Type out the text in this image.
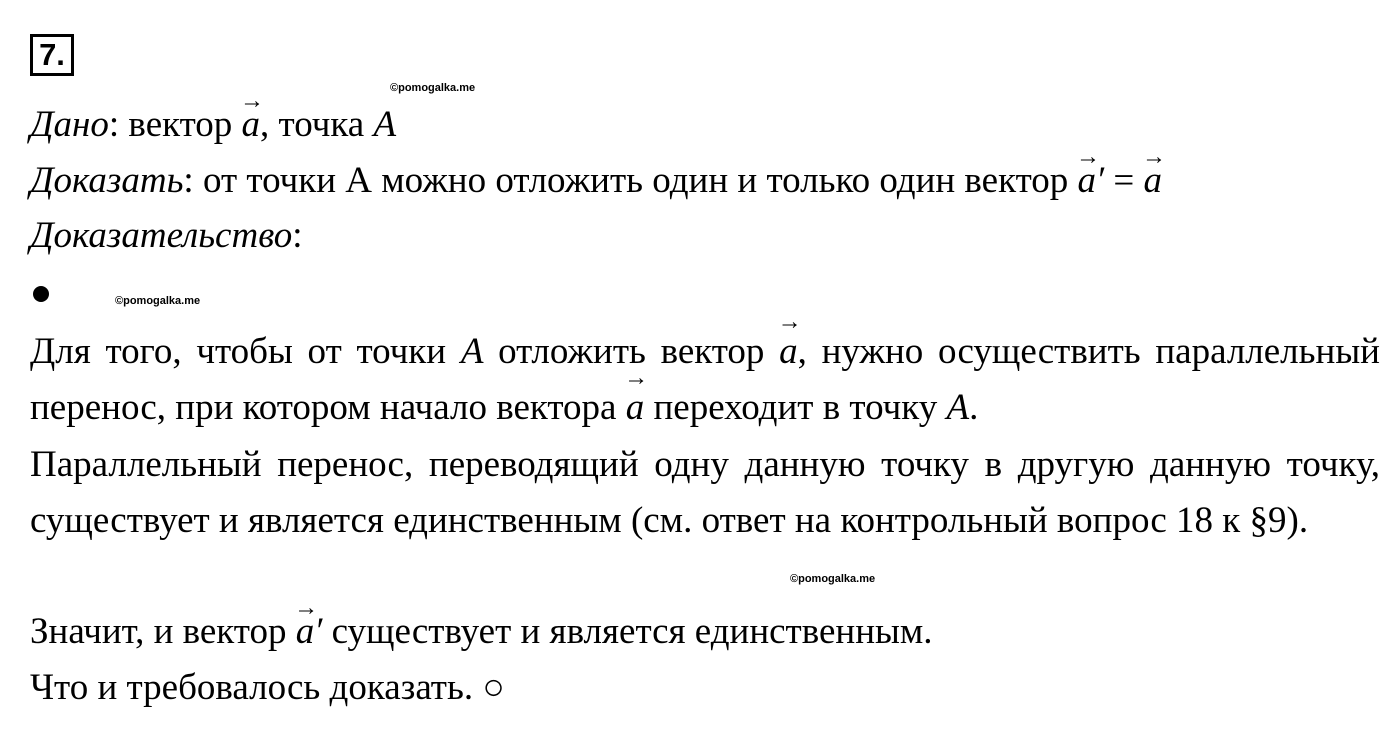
7.
©pomogalka.me
Дано: вектор
→
a, точка A
Доказать: от точки А можно отложить один и только один вектор
→
a′ =
→
a
Доказательство:
©pomogalka.me
Для того, чтобы от точки A отложить вектор
→
a, нужно осуществить параллельный перенос, при котором начало вектора
→
a переходит в точку A.
Параллельный перенос, переводящий одну данную точку в другую данную точку, существует и является единственным (см. ответ на контрольный вопрос 18 к §9).
©pomogalka.me
Значит, и вектор
→
a′ существует и является единственным.
Что и требовалось доказать. ○
